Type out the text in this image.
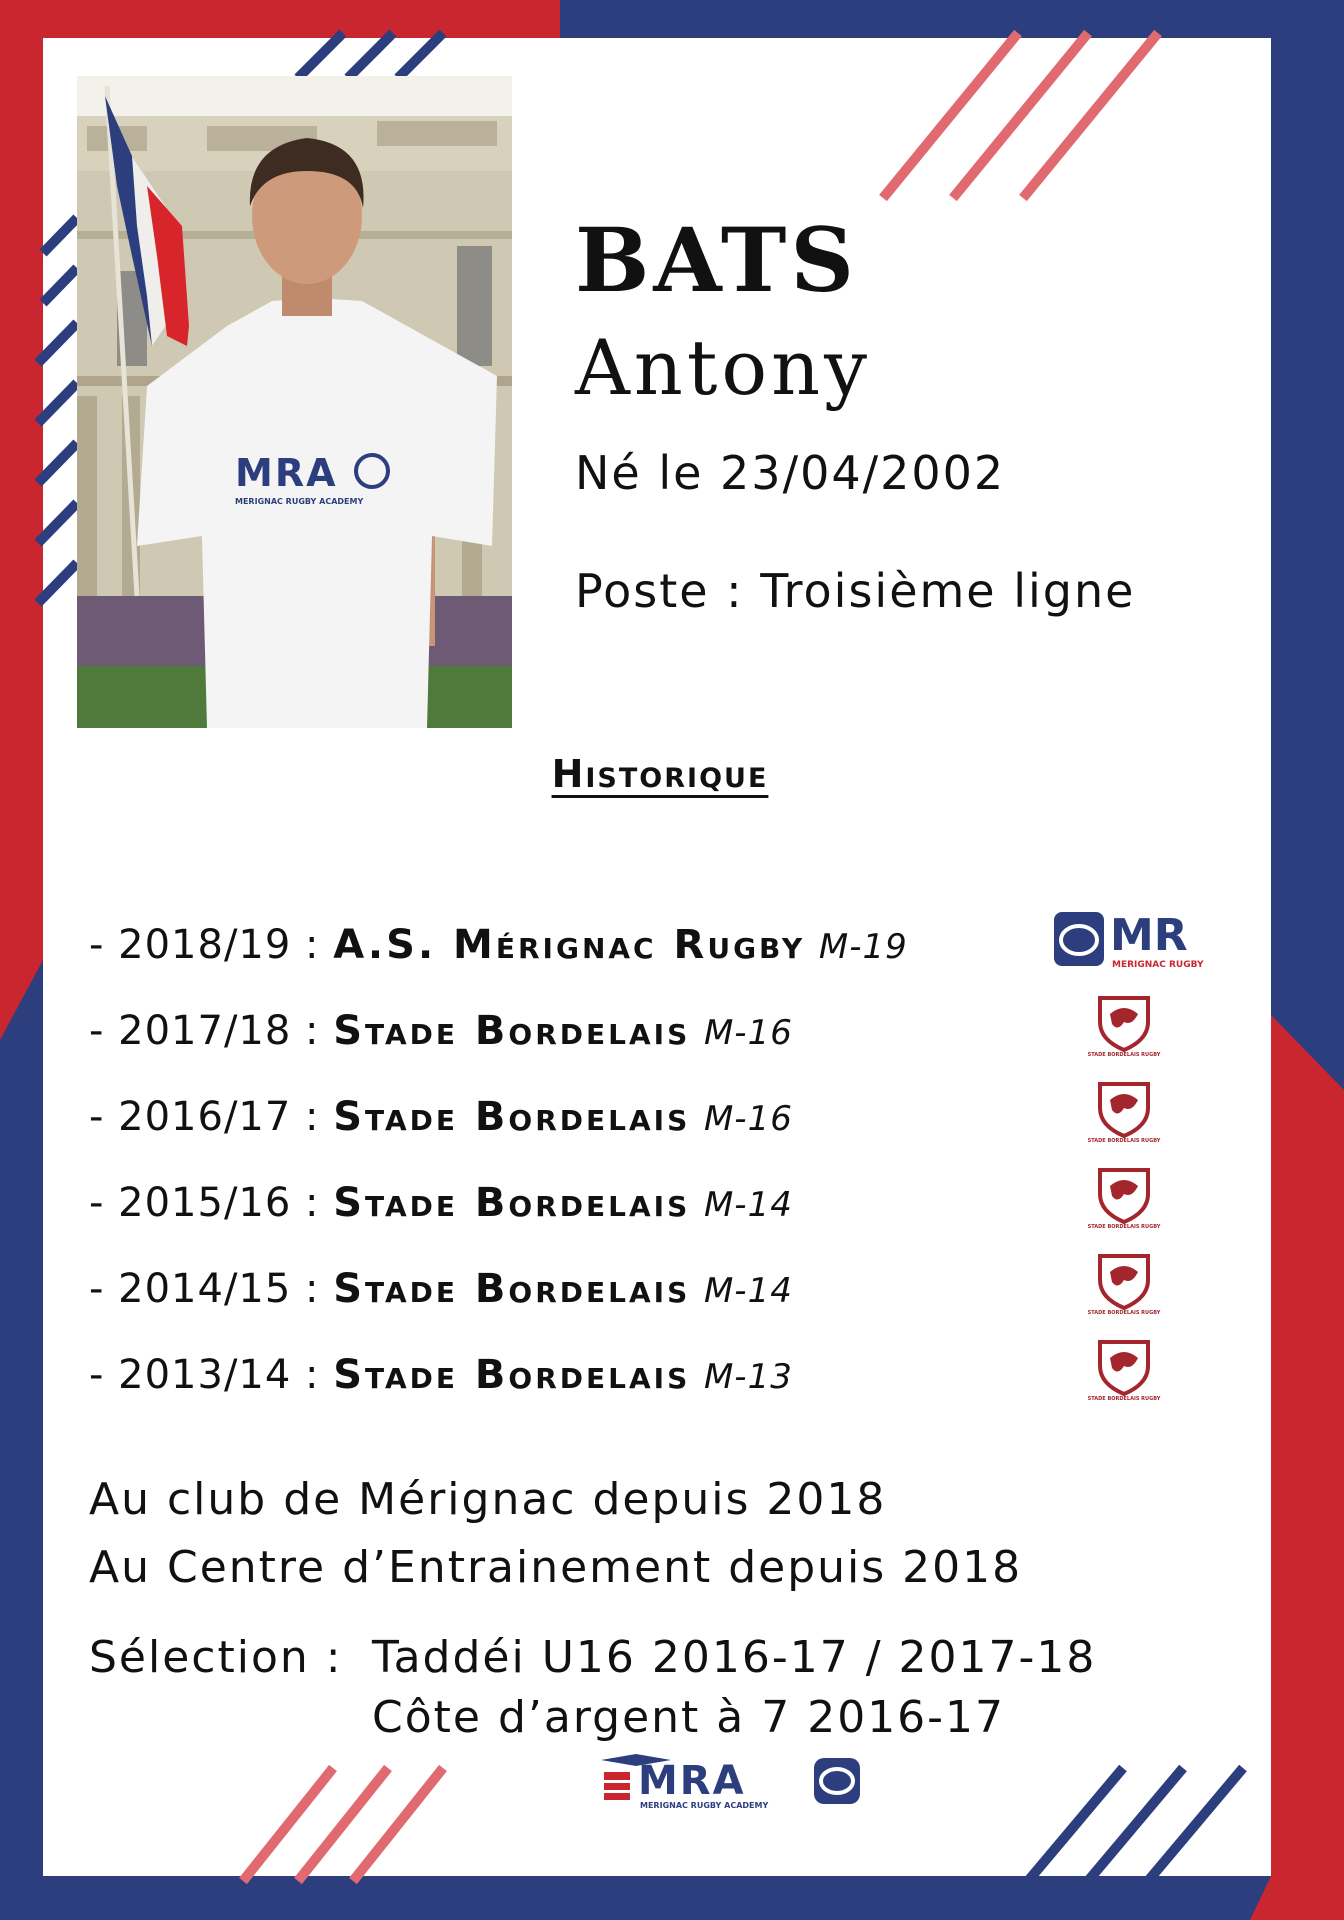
MRA
MERIGNAC RUGBY ACADEMY
BATS
Antony
Né le 23/04/2002
Poste : Troisième ligne
Historique
- 2018/19 : A.S. Mérignac Rugby M-19	MR
MERIGNAC RUGBY
- 2017/18 : Stade Bordelais M-16
STADE BORDELAIS RUGBY
- 2016/17 : Stade Bordelais M-16
STADE BORDELAIS RUGBY
- 2015/16 : Stade Bordelais M-14
STADE BORDELAIS RUGBY
- 2014/15 : Stade Bordelais M-14
STADE BORDELAIS RUGBY
- 2013/14 : Stade Bordelais M-13
STADE BORDELAIS RUGBY
Au club de Mérignac depuis 2018
Au Centre d’Entrainement depuis 2018
Sélection : Taddéi U16 2016-17 / 2017-18
Côte d’argent à 7 2016-17
MRA
MERIGNAC RUGBY ACADEMY
